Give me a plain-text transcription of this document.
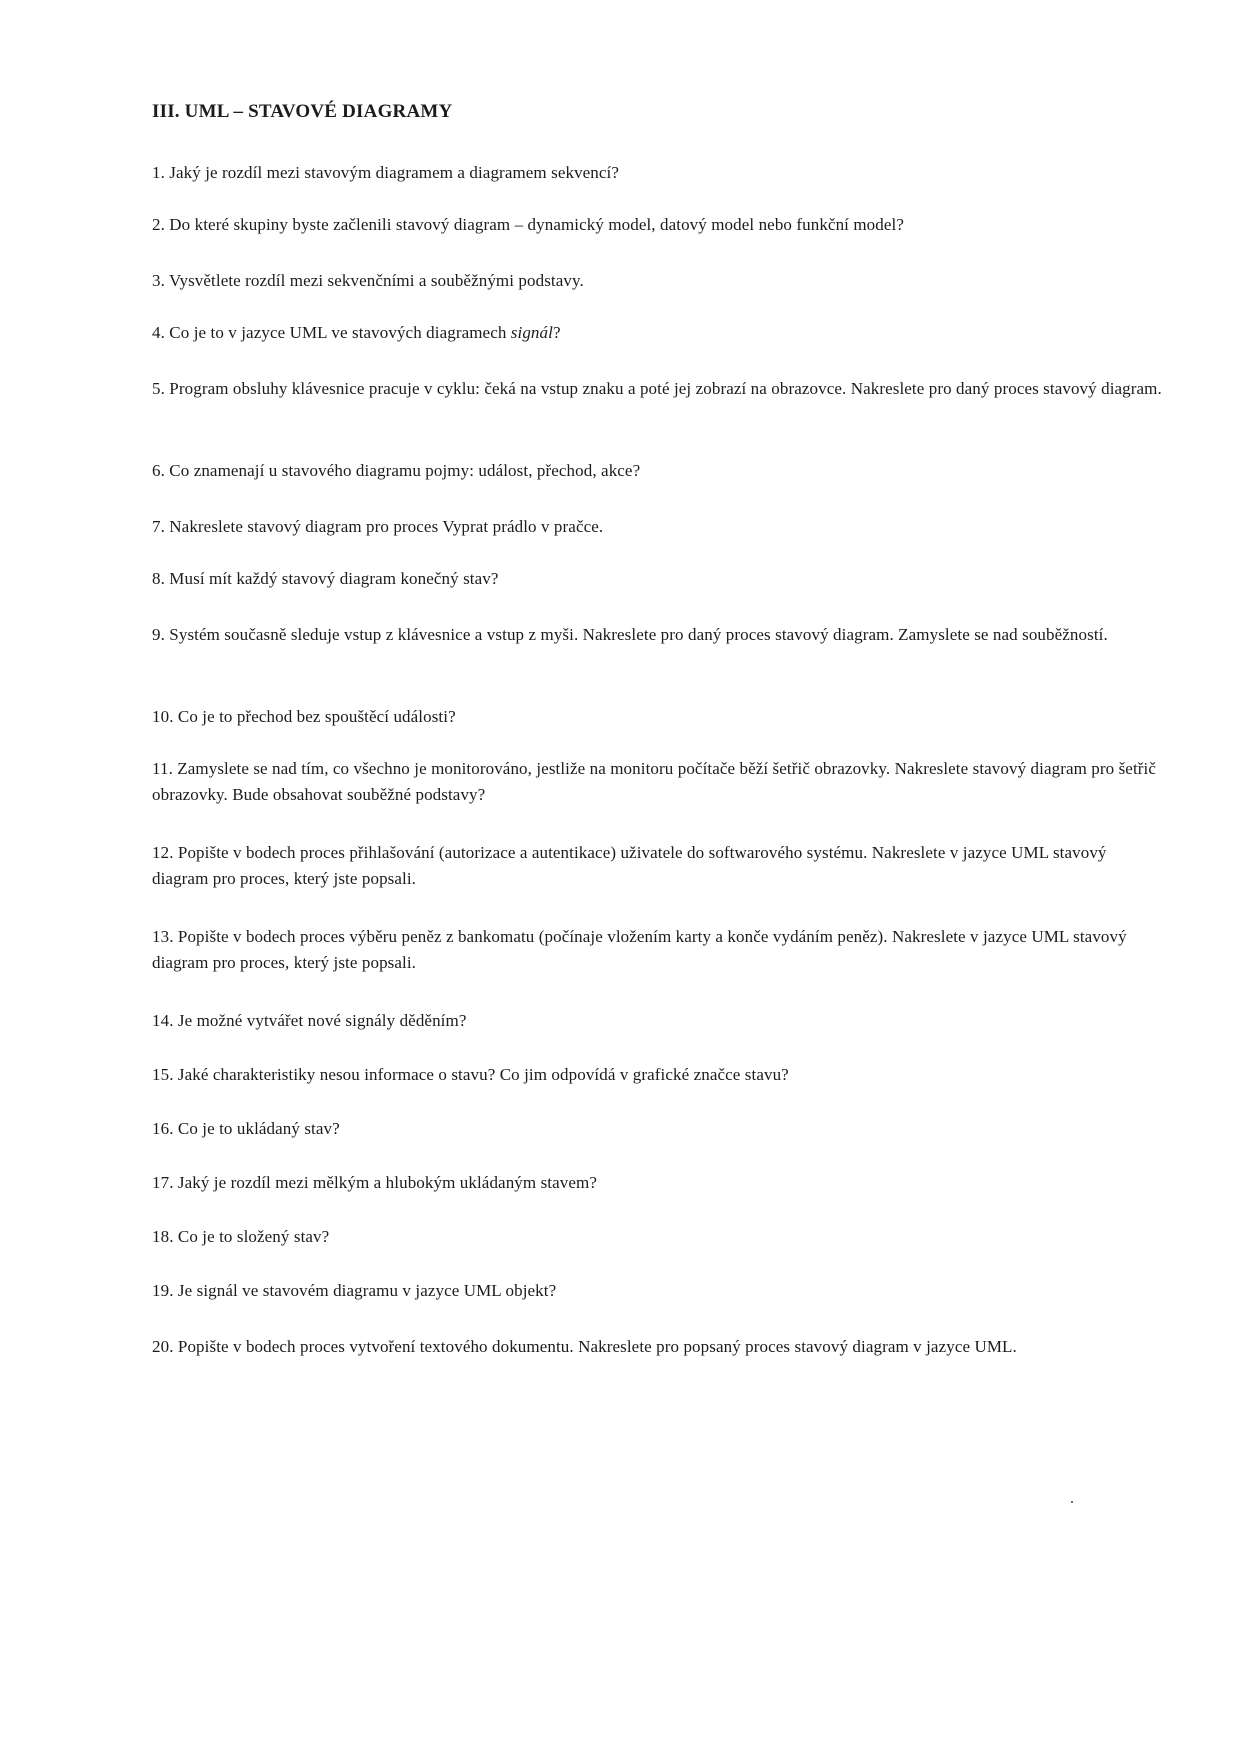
III. UML – STAVOVÉ DIAGRAMY
1. Jaký je rozdíl mezi stavovým diagramem a diagramem sekvencí?
2. Do které skupiny byste začlenili stavový diagram – dynamický model, datový model nebo funkční model?
3. Vysvětlete rozdíl mezi sekvenčními a souběžnými podstavy.
4. Co je to v jazyce UML ve stavových diagramech signál?
5. Program obsluhy klávesnice pracuje v cyklu: čeká na vstup znaku a poté jej zobrazí na obrazovce. Nakreslete pro daný proces stavový diagram.
6. Co znamenají u stavového diagramu pojmy: událost, přechod, akce?
7. Nakreslete stavový diagram pro proces Vyprat prádlo v pračce.
8. Musí mít každý stavový diagram konečný stav?
9. Systém současně sleduje vstup z klávesnice a vstup z myši. Nakreslete pro daný proces stavový diagram. Zamyslete se nad souběžností.
10. Co je to přechod bez spouštěcí události?
11. Zamyslete se nad tím, co všechno je monitorováno, jestliže na monitoru počítače běží šetřič obrazovky. Nakreslete stavový diagram pro šetřič obrazovky. Bude obsahovat souběžné podstavy?
12. Popište v bodech proces přihlašování (autorizace a autentikace) uživatele do softwarového systému. Nakreslete v jazyce UML stavový diagram pro proces, který jste popsali.
13. Popište v bodech proces výběru peněz z bankomatu (počínaje vložením karty a konče vydáním peněz). Nakreslete v jazyce UML stavový diagram pro proces, který jste popsali.
14. Je možné vytvářet nové signály děděním?
15. Jaké charakteristiky nesou informace o stavu? Co jim odpovídá v grafické značce stavu?
16. Co je to ukládaný stav?
17. Jaký je rozdíl mezi mělkým a hlubokým ukládaným stavem?
18. Co je to složený stav?
19. Je signál ve stavovém diagramu v jazyce UML objekt?
20. Popište v bodech proces vytvoření textového dokumentu. Nakreslete pro popsaný proces stavový diagram v jazyce UML.
